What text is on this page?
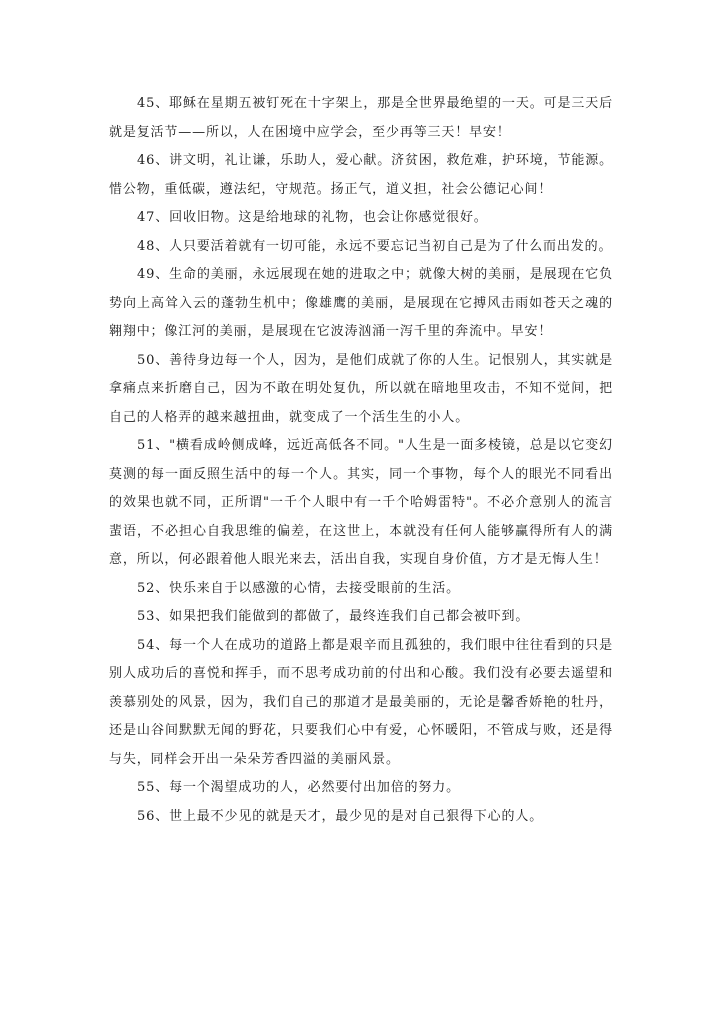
45、耶稣在星期五被钉死在十字架上，那是全世界最绝望的一天。可是三天后就是复活节——所以，人在困境中应学会，至少再等三天！早安！

46、讲文明，礼让谦，乐助人，爱心献。济贫困，救危难，护环境，节能源。惜公物，重低碳，遵法纪，守规范。扬正气，道义担，社会公德记心间！

47、回收旧物。这是给地球的礼物，也会让你感觉很好。

48、人只要活着就有一切可能，永远不要忘记当初自己是为了什么而出发的。

49、生命的美丽，永远展现在她的进取之中；就像大树的美丽，是展现在它负势向上高耸入云的蓬勃生机中；像雄鹰的美丽，是展现在它搏风击雨如苍天之魂的翱翔中；像江河的美丽，是展现在它波涛汹涌一泻千里的奔流中。早安！

50、善待身边每一个人，因为，是他们成就了你的人生。记恨别人，其实就是拿痛点来折磨自己，因为不敢在明处复仇，所以就在暗地里攻击，不知不觉间，把自己的人格弄的越来越扭曲，就变成了一个活生生的小人。

51、"横看成岭侧成峰，远近高低各不同。"人生是一面多棱镜，总是以它变幻莫测的每一面反照生活中的每一个人。其实，同一个事物，每个人的眼光不同看出的效果也就不同，正所谓"一千个人眼中有一千个哈姆雷特"。不必介意别人的流言蜚语，不必担心自我思维的偏差，在这世上，本就没有任何人能够赢得所有人的满意，所以，何必跟着他人眼光来去，活出自我，实现自身价值，方才是无悔人生！

52、快乐来自于以感激的心情，去接受眼前的生活。

53、如果把我们能做到的都做了，最终连我们自己都会被吓到。

54、每一个人在成功的道路上都是艰辛而且孤独的，我们眼中往往看到的只是别人成功后的喜悦和挥手，而不思考成功前的付出和心酸。我们没有必要去遥望和羡慕别处的风景，因为，我们自己的那道才是最美丽的，无论是馨香娇艳的牡丹，还是山谷间默默无闻的野花，只要我们心中有爱，心怀暖阳，不管成与败，还是得与失，同样会开出一朵朵芳香四溢的美丽风景。

55、每一个渴望成功的人，必然要付出加倍的努力。

56、世上最不少见的就是天才，最少见的是对自己狠得下心的人。
